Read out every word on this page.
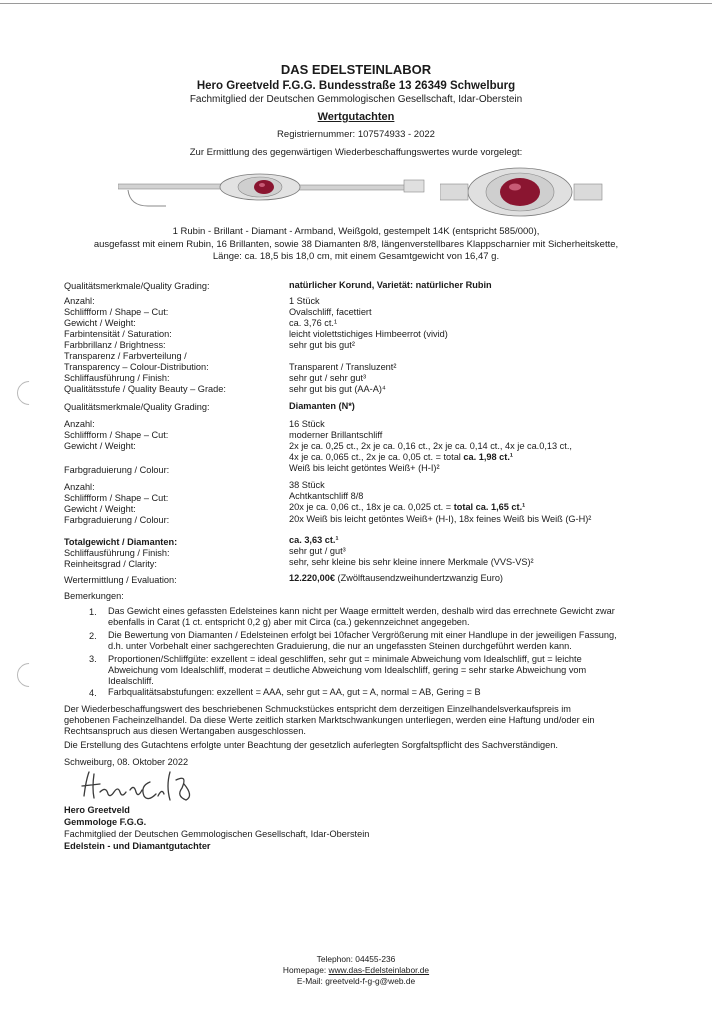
DAS EDELSTEINLABOR
Hero Greetveld F.G.G. Bundesstraße 13 26349 Schwelburg
Fachmitglied der Deutschen Gemmologischen Gesellschaft, Idar-Oberstein
Wertgutachten
Registriernummer: 107574933 - 2022
Zur Ermittlung des gegenwärtigen Wiederbeschaffungswertes wurde vorgelegt:
1 Rubin - Brillant - Diamant - Armband, Weißgold, gestempelt 14K (entspricht 585/000),
ausgefasst mit einem Rubin, 16 Brillanten, sowie 38 Diamanten 8/8, längenverstellbares Klappscharnier mit Sicherheitskette,
Länge: ca. 18,5 bis 18,0 cm, mit einem Gesamtgewicht von 16,47 g.
Qualitätsmerkmale/Quality Grading:	natürlicher Korund, Varietät: natürlicher Rubin
Anzahl:	1 Stück
Schliffform / Shape – Cut:	Ovalschliff, facettiert
Gewicht / Weight:	ca. 3,76 ct.¹
Farbintensität / Saturation:	leicht violettstichiges Himbeerrot (vivid)
Farbbrillanz / Brightness:	sehr gut bis gut²
Transparenz / Farbverteilung /
Transparency – Colour-Distribution:	Transparent / Transluzent²
Schliffausführung / Finish:	sehr gut / sehr gut³
Qualitätsstufe / Quality Beauty – Grade:	sehr gut bis gut (AA-A)⁴
Qualitätsmerkmale/Quality Grading:	Diamanten (N*)
Anzahl:	16 Stück
Schliffform / Shape – Cut:	moderner Brillantschliff
Gewicht / Weight:	2x je ca. 0,25 ct., 2x je ca. 0,16 ct., 2x je ca. 0,14 ct., 4x je ca.0,13 ct.,
4x je ca. 0,065 ct., 2x je ca. 0,05 ct. = total ca. 1,98 ct.¹
Farbgraduierung / Colour:	Weiß bis leicht getöntes Weiß+ (H-I)²
Anzahl:	38 Stück
Schliffform / Shape – Cut:	Achtkantschliff 8/8
Gewicht / Weight:	20x je ca. 0,06 ct., 18x je ca. 0,025 ct. = total ca. 1,65 ct.¹
Farbgraduierung / Colour:	20x Weiß bis leicht getöntes Weiß+ (H-I), 18x feines Weiß bis Weiß (G-H)²
Totalgewicht / Diamanten:	ca. 3,63 ct.¹
Schliffausführung / Finish:	sehr gut / gut³
Reinheitsgrad / Clarity:	sehr, sehr kleine bis sehr kleine innere Merkmale (VVS-VS)²
Wertermittlung / Evaluation:	12.220,00€ (Zwölftausendzweihundertzwanzig Euro)
Bemerkungen:
1. Das Gewicht eines gefassten Edelsteines kann nicht per Waage ermittelt werden, deshalb wird das errechnete Gewicht zwar
ebenfalls in Carat (1 ct. entspricht 0,2 g) aber mit Circa (ca.) gekennzeichnet angegeben.
2. Die Bewertung von Diamanten / Edelsteinen erfolgt bei 10facher Vergrößerung mit einer Handlupe in der jeweiligen Fassung,
d.h. unter Vorbehalt einer sachgerechten Graduierung, die nur an ungefassten Steinen durchgeführt werden kann.
3. Proportionen/Schliffgüte: exzellent = ideal geschliffen, sehr gut = minimale Abweichung vom Idealschliff, gut = leichte
Abweichung vom Idealschliff, moderat = deutliche Abweichung vom Idealschliff, gering = sehr starke Abweichung vom
Idealschliff.
4. Farbqualitätsabstufungen: exzellent = AAA, sehr gut = AA, gut = A, normal = AB, Gering = B
Der Wiederbeschaffungswert des beschriebenen Schmuckstückes entspricht dem derzeitigen Einzelhandelsverkaufspreis im
gehobenen Facheinzelhandel. Da diese Werte zeitlich starken Marktschwankungen unterliegen, werden eine Haftung und/oder ein
Rechtsanspruch aus diesen Wertangaben ausgeschlossen.
Die Erstellung des Gutachtens erfolgte unter Beachtung der gesetzlich auferlegten Sorgfaltspflicht des Sachverständigen.
Schweiburg, 08. Oktober 2022
Hero Greetveld
Gemmologe F.G.G.
Fachmitglied der Deutschen Gemmologischen Gesellschaft, Idar-Oberstein
Edelstein - und Diamantgutachter
Telephon: 04455-236
Homepage: www.das-Edelsteinlabor.de
E-Mail: greetveld-f-g-g@web.de
